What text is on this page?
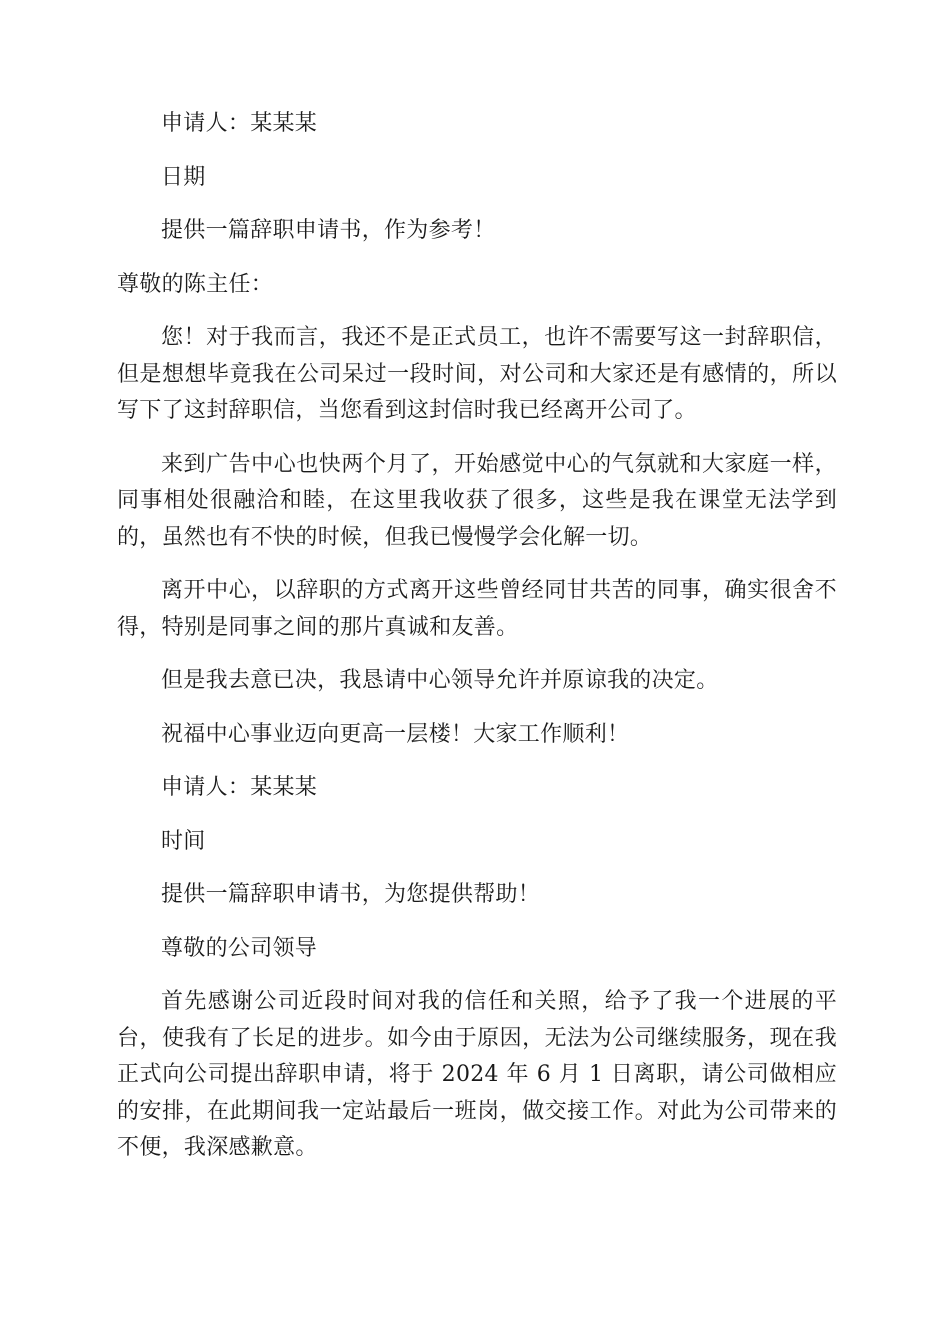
申请人：某某某

日期

提供一篇辞职申请书，作为参考！

尊敬的陈主任：

您！对于我而言，我还不是正式员工，也许不需要写这一封辞职信，但是想想毕竟我在公司呆过一段时间，对公司和大家还是有感情的，所以写下了这封辞职信，当您看到这封信时我已经离开公司了。

来到广告中心也快两个月了，开始感觉中心的气氛就和大家庭一样，同事相处很融洽和睦，在这里我收获了很多，这些是我在课堂无法学到的，虽然也有不快的时候，但我已慢慢学会化解一切。

离开中心，以辞职的方式离开这些曾经同甘共苦的同事，确实很舍不得，特别是同事之间的那片真诚和友善。

但是我去意已决，我恳请中心领导允许并原谅我的决定。

祝福中心事业迈向更高一层楼！大家工作顺利！

申请人：某某某

时间

提供一篇辞职申请书，为您提供帮助！

尊敬的公司领导

首先感谢公司近段时间对我的信任和关照，给予了我一个进展的平台，使我有了长足的进步。如今由于原因，无法为公司继续服务，现在我正式向公司提出辞职申请，将于 2024 年 6 月 1 日离职，请公司做相应的安排，在此期间我一定站最后一班岗，做交接工作。对此为公司带来的不便，我深感歉意。
